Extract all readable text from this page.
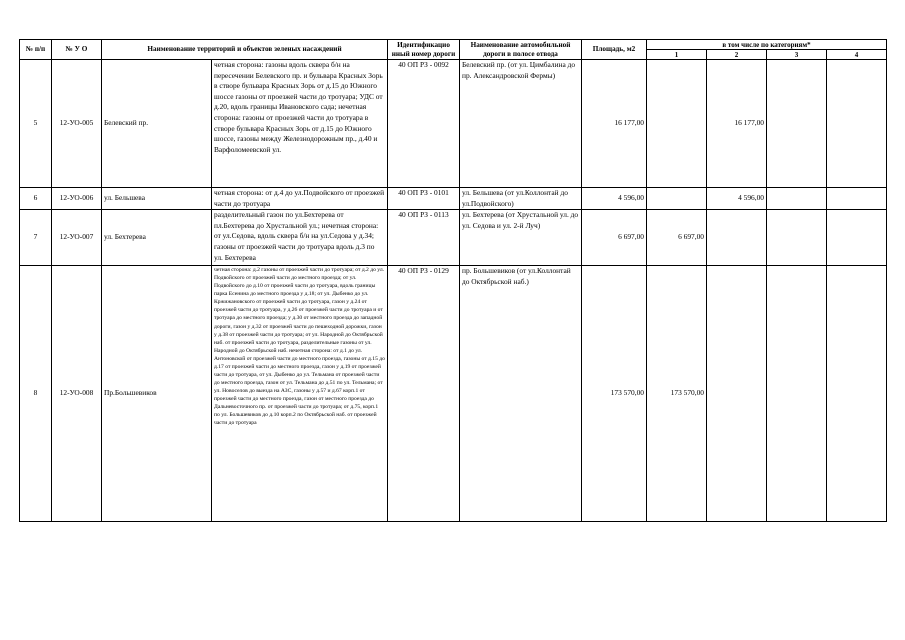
№ п/п	№ У О	Наименование территорий и объектов зеленых насаждений		Идентификацио нный номер дороги	Наименование автомобильной дороги в полосе отвода	Площадь, м2	в том числе по категориям*			
							1	2	3	4
5	12-УО-005	Белевский пр.	четная сторона: газоны вдоль сквера б/н на пересечении Белевского пр. и бульвара Красных Зорь в створе бульвара Красных Зорь от д.15 до Южного шоссе газоны от проезжей части до тротуара; УДС от д.20, вдоль границы Ивановского сада; нечетная сторона: газоны от проезжей части до тротуара в створе бульвара Красных Зорь от д.15 до Южного шоссе, газоны между Железнодорожным пр., д.40 и Варфоломеевской ул.	40 ОП РЗ - 0092	Белевский пр. (от ул. Цимбалина до пр. Александровской Фермы)	16 177,00		16 177,00		
6	12-УО-006	ул. Бельшева	четная сторона: от д.4 до ул.Подвойского от проезжей части до тротуара	40 ОП РЗ - 0101	ул. Бельшева (от ул.Коллонтай до ул.Подвойского)	4 596,00		4 596,00		
7	12-УО-007	ул. Бехтерева	разделительный газон по ул.Бехтерева от пл.Бехтерева до Хрустальной ул.; нечетная сторона: от ул.Седова, вдоль сквера б/н на ул.Седова у д.34; газоны от проезжей части до тротуара вдоль д.3 по ул. Бехтерева	40 ОП РЗ - 0113	ул. Бехтерева (от Хрустальной ул. до ул. Седова и ул. 2-й Луч)	6 697,00	6 697,00			
8	12-УО-008	Пр.Большевиков	четная сторона: д.2 газоны от проезжей части до тротуара; от д.2 до ул. Подвойского от проезжей части до местного проезда; от ул. Подвойского до д.10 от проезжей части до тротуара, вдоль границы парка Есенина до местного проезда у д.18; от ул. Дыбенко до ул. Кржижановского от проезжей части до тротуара, газон у д.24 от проезжей части до тротуара, у д.26 от проезжей части до тротуара и от тротуара до местного проезда; у д.30 от местного проезда до западной дороги, газон у д.32 от проезжей части до пешеходной дорожки, газон у д.38 от проезжей части до тротуара; от ул. Народной до Октябрьской наб. от проезжей части до тротуара, разделительные газоны от ул. Народной до Октябрьской наб. нечетная сторона: от д.1 до ул. Антоновской от проезжей части до местного проезда, газоны от д.15 до д.17 от проезжей части до местного проезда, газон у д.19 от проезжей части до тротуара, от ул. Дыбенко до ул. Тельмана от проезжей части до местного проезда, газон от ул. Тельмана до д.51 по ул. Тельмана; от ул. Новоселов до выезда на АЗС, газоны у д.57 и д.67 корп.1 от проезжей части до местного проезда, газон от местного проезда до Дальневосточного пр. от проезжей части до тротуара; от д.75, корп.1 по ул. Большевиков до д.10 корп.2 по Октябрьской наб. от проезжей части до тротуара	40 ОП РЗ - 0129	пр. Большевиков (от ул.Коллонтай до Октябрьской наб.)	173 570,00	173 570,00			
